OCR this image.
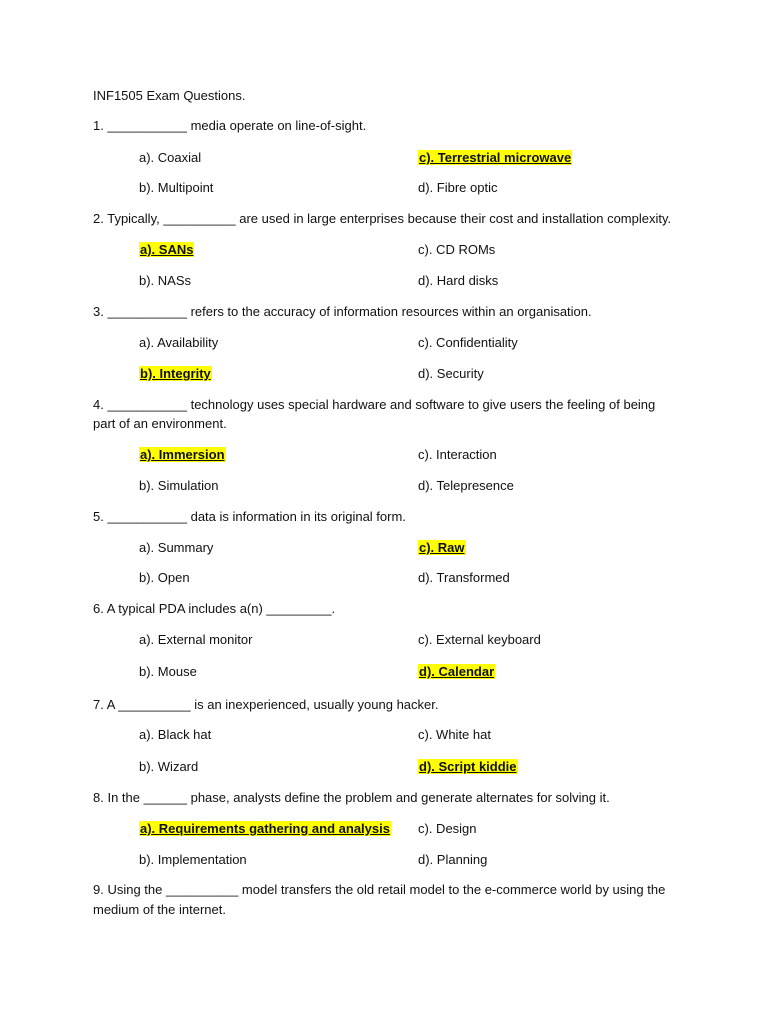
INF1505 Exam Questions.
1. ___________ media operate on line-of-sight.
a). Coaxial
b). Multipoint
c). Terrestrial microwave
d). Fibre optic
2. Typically, __________ are used in large enterprises because their cost and installation complexity.
a). SANs
b). NASs
c). CD ROMs
d). Hard disks
3. ___________ refers to the accuracy of information resources within an organisation.
a). Availability
b). Integrity
c). Confidentiality
d). Security
4. ___________ technology uses special hardware and software to give users the feeling of being
part of an environment.
a). Immersion
b). Simulation
c). Interaction
d). Telepresence
5. ___________ data is information in its original form.
a). Summary
b). Open
c). Raw
d). Transformed
6. A typical PDA includes a(n) _________.
a). External monitor
b). Mouse
c). External keyboard
d). Calendar
7. A __________ is an inexperienced, usually young hacker.
a). Black hat
b). Wizard
c). White hat
d). Script kiddie
8. In the ______ phase, analysts define the problem and generate alternates for solving it.
a). Requirements gathering and analysis
b). Implementation
c). Design
d). Planning
9. Using the __________ model transfers the old retail model to the e-commerce world by using the
medium of the internet.
